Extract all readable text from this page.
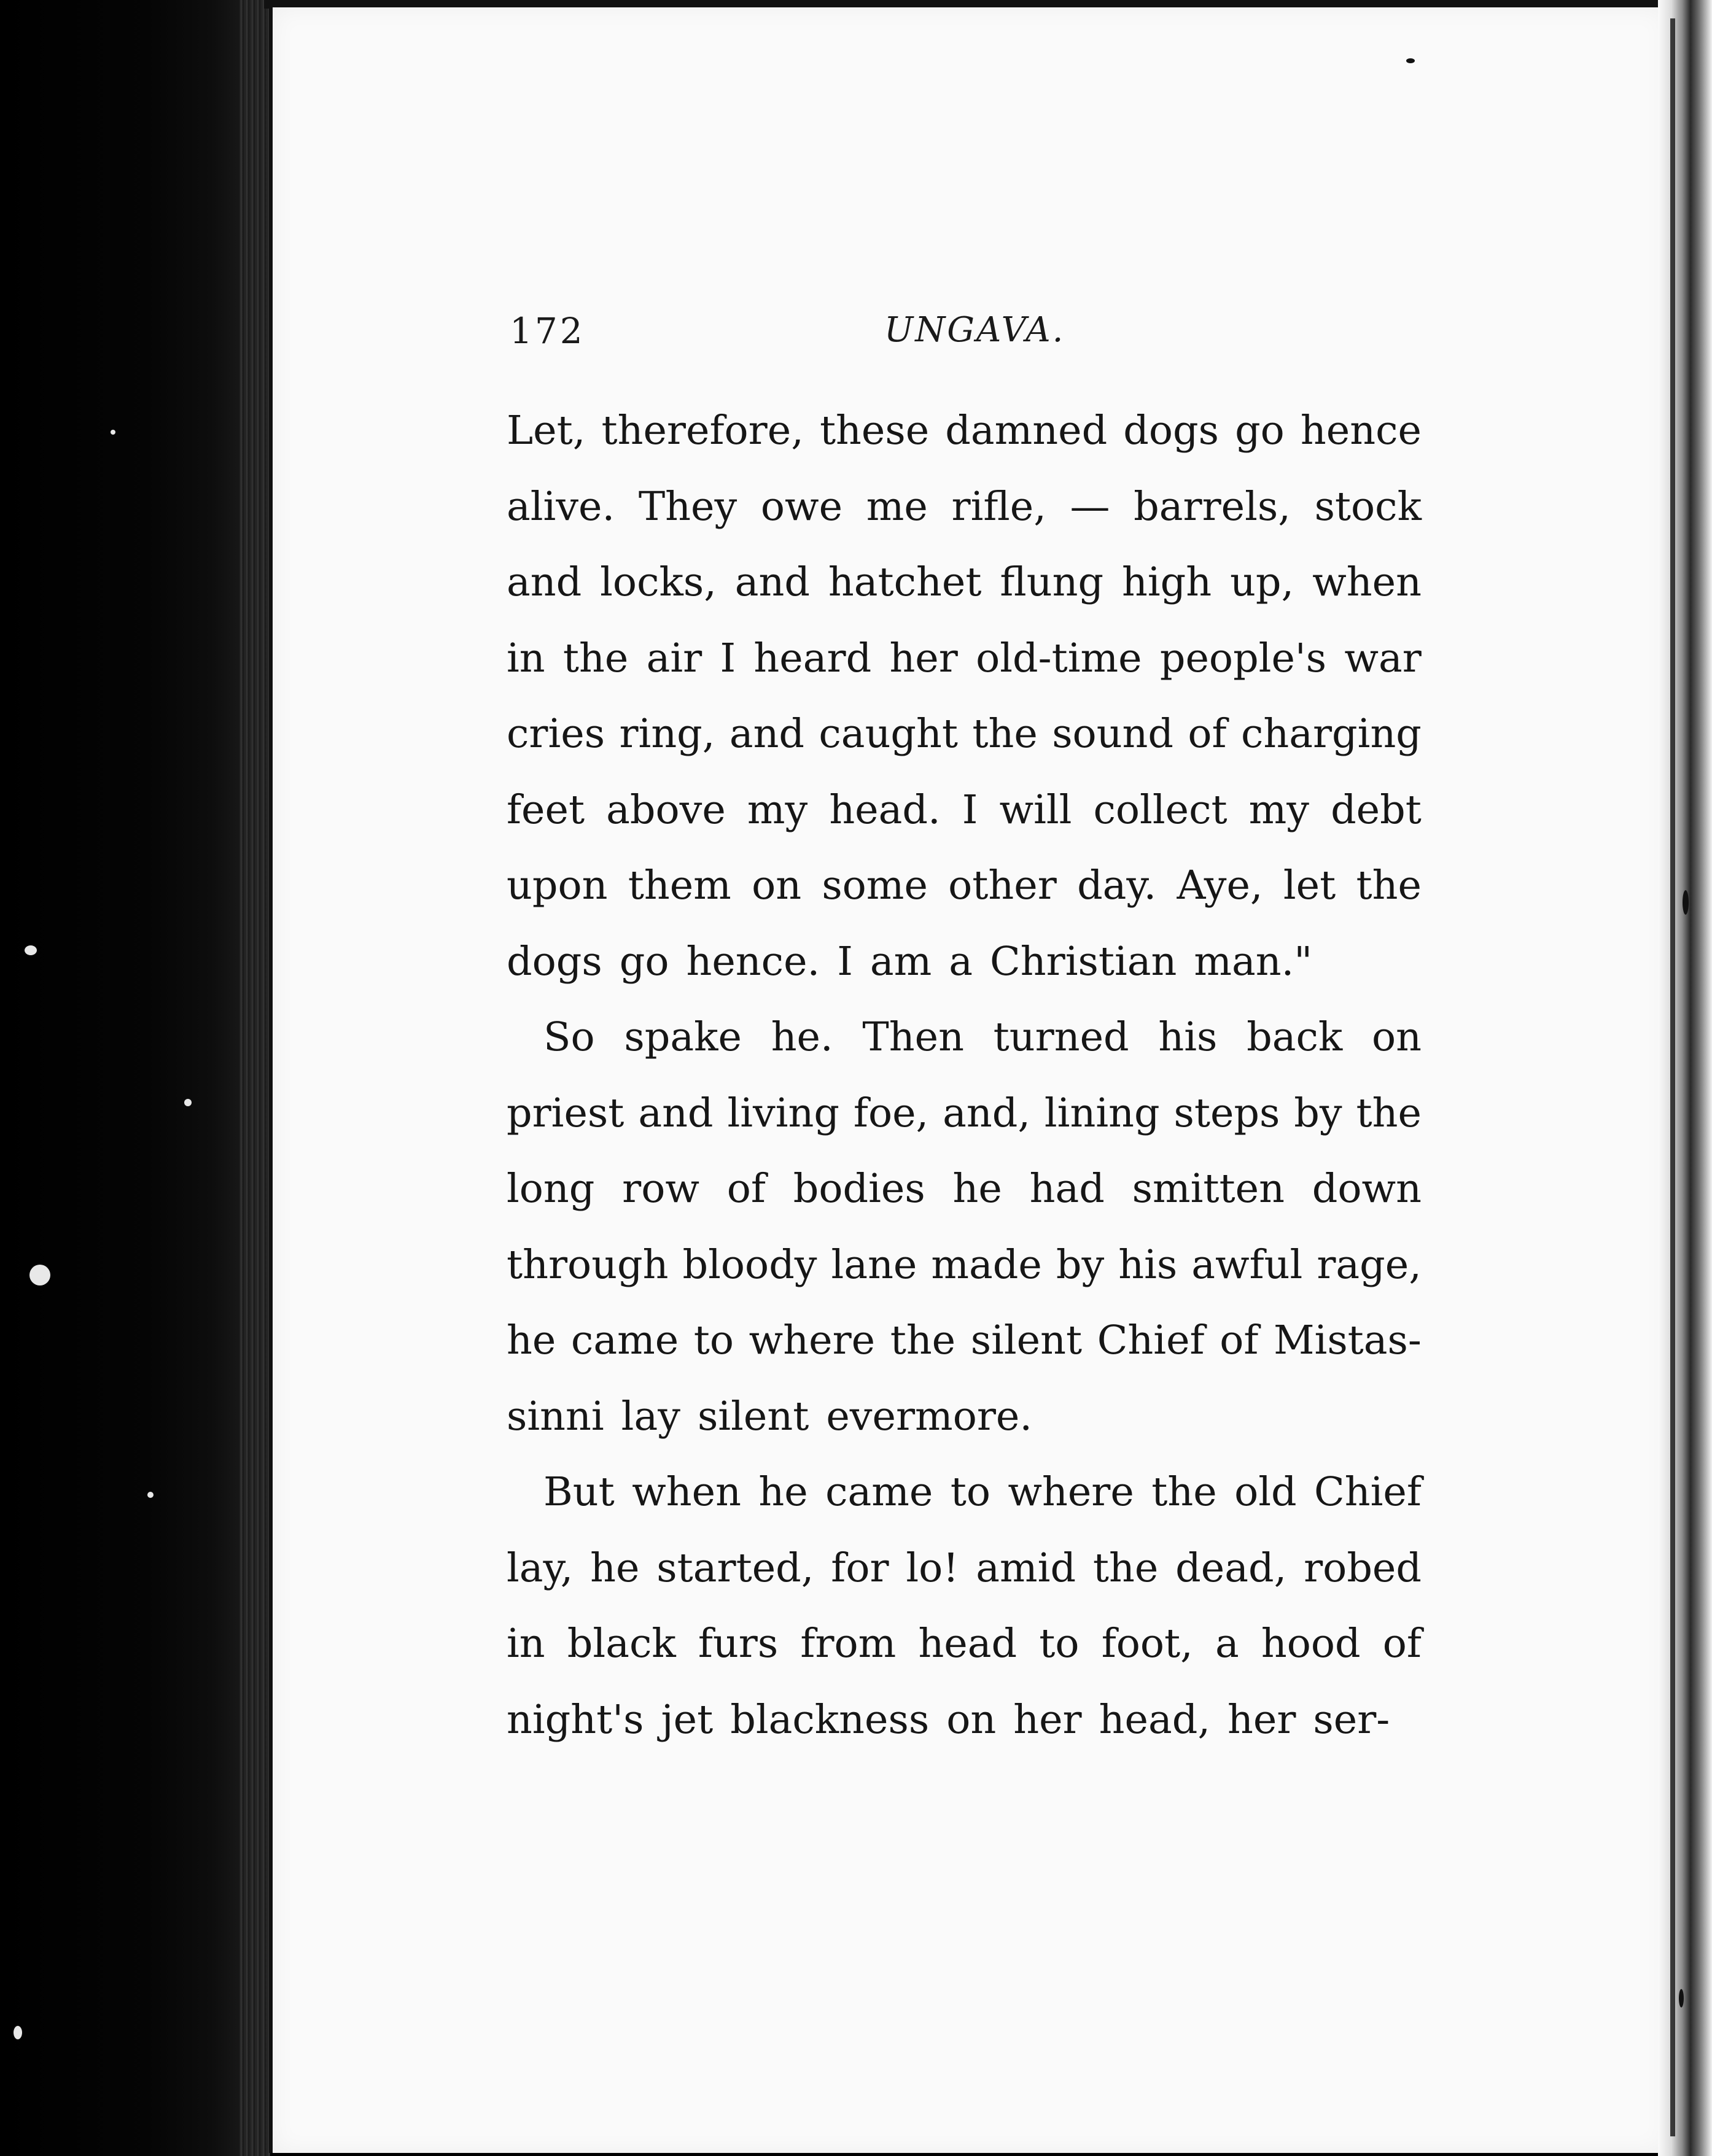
172	UNGAVA.
Let, therefore, these damned dogs go hence
alive. They owe me rifle, — barrels, stock
and locks, and hatchet flung high up, when
in the air I heard her old-time people's war
cries ring, and caught the sound of charging
feet above my head. I will collect my debt
upon them on some other day. Aye, let the
dogs go hence. I am a Christian man."
So spake he. Then turned his back on
priest and living foe, and, lining steps by the
long row of bodies he had smitten down
through bloody lane made by his awful rage,
he came to where the silent Chief of Mistas-
sinni lay silent evermore.
But when he came to where the old Chief
lay, he started, for lo! amid the dead, robed
in black furs from head to foot, a hood of
night's jet blackness on her head, her ser-
